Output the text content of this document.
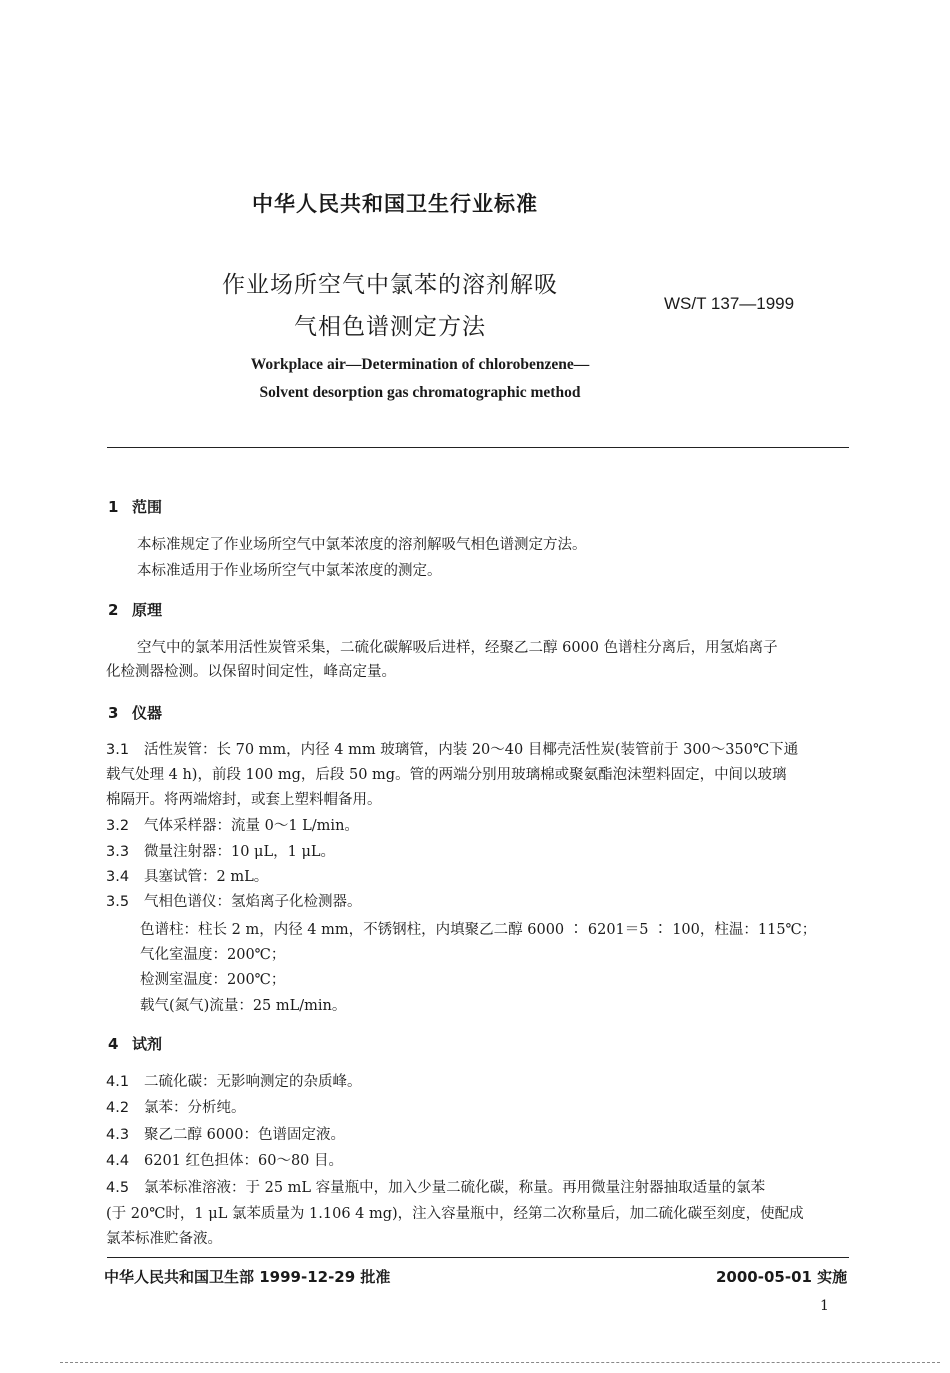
中华人民共和国卫生行业标准
作业场所空气中氯苯的溶剂解吸
气相色谱测定方法
WS/T 137—1999
Workplace air—Determination of chlorobenzene—
Solvent desorption gas chromatographic method
1 范围
本标准规定了作业场所空气中氯苯浓度的溶剂解吸气相色谱测定方法。
本标准适用于作业场所空气中氯苯浓度的测定。
2 原理
空气中的氯苯用活性炭管采集，二硫化碳解吸后进样，经聚乙二醇 6000 色谱柱分离后，用氢焰离子
化检测器检测。以保留时间定性，峰高定量。
3 仪器
3.1 活性炭管：长 70 mm，内径 4 mm 玻璃管，内装 20～40 目椰壳活性炭(装管前于 300～350℃下通
载气处理 4 h)，前段 100 mg，后段 50 mg。管的两端分别用玻璃棉或聚氨酯泡沫塑料固定，中间以玻璃
棉隔开。将两端熔封，或套上塑料帽备用。
3.2 气体采样器：流量 0～1 L/min。
3.3 微量注射器：10 μL，1 μL。
3.4 具塞试管：2 mL。
3.5 气相色谱仪：氢焰离子化检测器。
色谱柱：柱长 2 m，内径 4 mm，不锈钢柱，内填聚乙二醇 6000 ∶ 6201＝5 ∶ 100，柱温：115℃；
气化室温度：200℃；
检测室温度：200℃；
载气(氮气)流量：25 mL/min。
4 试剂
4.1 二硫化碳：无影响测定的杂质峰。
4.2 氯苯：分析纯。
4.3 聚乙二醇 6000：色谱固定液。
4.4 6201 红色担体：60～80 目。
4.5 氯苯标准溶液：于 25 mL 容量瓶中，加入少量二硫化碳，称量。再用微量注射器抽取适量的氯苯
(于 20℃时，1 μL 氯苯质量为 1.106 4 mg)，注入容量瓶中，经第二次称量后，加二硫化碳至刻度，使配成
氯苯标准贮备液。
中华人民共和国卫生部 1999-12-29 批准	2000-05-01 实施
1
